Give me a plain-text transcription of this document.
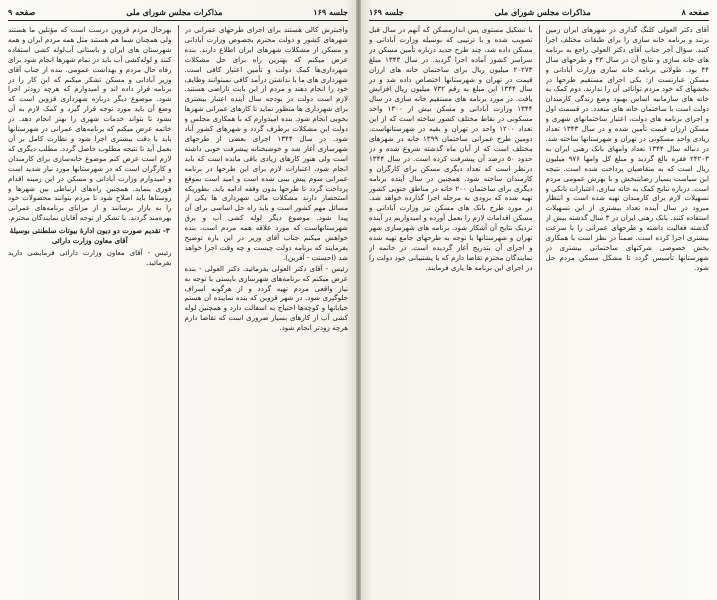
جلسه ۱۶۹
مذاکرات مجلس شورای ملی
صفحه ۹

واجبترش کالی هستند برای اجرای طرحهای عمرانی در شهرهای کشور و دولت محترم بخصوص وزارت آبادانی و مسکن از مشکلات شهرهای ایران اطلاع دارند. بنده عرض میکنم که بهترین راه برای حل مشکلات شهرداری‌ها کمک دولت و تأمین اعتبار کافی است. شهرداری های ما با نداشتن درآمد کافی نمیتوانند وظایف خود را انجام دهند و مردم از این بابت ناراضی هستند. لازم است دولت در بودجه سال آینده اعتبار بیشتری برای شهرداری ها منظور نماید تا کارهای عمرانی شهرها بخوبی انجام شود. بنده امیدوارم که با همکاری مجلس و دولت این مشکلات برطرف گردد و شهرهای کشور آباد شود. در سال ۱۳۴۴ اجرای بعضی از طرحهای شهرسازی آغاز شد و خوشبختانه پیشرفت خوبی داشته است ولی هنوز کارهای زیادی باقی مانده است که باید انجام شود. اعتبارات لازم برای این طرحها در برنامه عمرانی سوم پیش بینی شده است و امید است بموقع پرداخت گردد تا طرحها بدون وقفه ادامه یابد. بطوریکه استحضار دارند مشکلات مالی شهرداری ها یکی از مسائل مهم کشور است و باید راه حل اساسی برای آن پیدا شود. موضوع دیگر لوله کشی آب و برق شهرستانهاست که مورد علاقه همه مردم است. بنده خواهش میکنم جناب آقای وزیر در این باره توضیح بفرمایند که برنامه دولت چیست و چه وقت اجرا خواهد شد (احسنت - آفرین).

رئیس - آقای دکتر العولی بفرمائید. دکتر العولی - بنده عرض میکنم که برنامه‌های شهرسازی بایستی با توجه به نیاز واقعی مردم تهیه گردد و از هرگونه اسراف جلوگیری شود. در شهر قزوین که بنده نماینده آن هستم خیابانها و کوچه‌ها احتیاج به اسفالت دارد و همچنین لوله کشی آب از کارهای بسیار ضروری است که تقاضا دارم هرچه زودتر انجام شود.

بهرحال مردم قزوین درست است که مؤتلین ما هستند ولی همچنان شما هم هستند مثل همه مردم ایران و همه شهرستان های ایران و باستانی آب‌لوله کشی استفاده کنند و لوله‌کشی آب باید در تمام شهرها انجام شود برای رفاه حال مردم و بهداشت عمومی. بنده از جناب آقای وزیر آبادانی و مسکن تشکر میکنم که این کار را در برنامه قرار داده اند و امیدوارم که هرچه زودتر اجرا شود. موضوع دیگر درباره شهرداری قزوین است که وضع آن باید مورد توجه قرار گیرد و کمک لازم به آن بشود تا بتواند خدمات شهری را بهتر انجام دهد. در خاتمه عرض میکنم که برنامه‌های عمرانی در شهرستانها باید با دقت بیشتری اجرا شود و نظارت کامل بر آن بعمل آید تا نتیجه مطلوب حاصل گردد. مطلب دیگری که لازم است عرض کنم موضوع خانه‌سازی برای کارمندان و کارگران است که در شهرستانها مورد نیاز شدید است و امیدوارم وزارت آبادانی و مسکن در این زمینه اقدام فوری بنماید. همچنین راه‌های ارتباطی بین شهرها و روستاها باید اصلاح شود تا مردم بتوانند محصولات خود را به بازار برسانند و از مزایای برنامه‌های عمرانی بهره‌مند گردند. با تشکر از توجه آقایان نمایندگان محترم.

۳- تقدیم صورت دو دیون ادارهٔ بیوتات سلطنتی بوسیلهٔ آقای معاون وزارت دارائی

رئیس - آقای معاون وزارت دارائی فرمایشی دارید بفرمائید.

صفحه ۸
مذاکرات مجلس شورای ملی
جلسه ۱۶۹

آقای دکتر العولی کلنگ گذاری در شهرهای ایران زمین بزنند و برنامه خانه سازی را برای طبقات مختلف اجرا کنند. سؤال آخر جناب آقای دکتر العولی راجع به برنامه های خانه سازی و نتایج آن در سال ۴۳ و طرحهای سال ۴۴ بود. طولانی برنامه خانه سازی وزارت آبادانی و مسکن عبارتست از: یکی اجرای مستقیم طرحها در بخشهای که خود مردم توانائی آن را ندارند. دوم کمک به خانه های سازمانیه اساس بهبود وضع زندگی کارمندان دولت است با ساختمان خانه های متعدد. در قسمت اول و اجرای برنامه های دولت، اعتبار ساختمانهای شهری و مسکن ارزان قیمت تأمین شده و در سال ۱۳۴۳ تعداد زیادی واحد مسکونی در تهران و شهرستانها ساخته شد. در دنباله سال ۱۳۴۴ تعداد وامهای بانک رهنی ایران به ۲۴۲۰۳ فقره بالغ گردید و مبلغ کل وامها ۹۷۶ میلیون ریال است که به متقاضیان پرداخت شده است. نتیجه این سیاست بسیار رضایتبخش و با بهرش عمومی مردم است. درباره نتایج کمک به خانه سازی، اعتبارات بانکی و تسهیلات لازم برای کارمندان تهیه شده است و انتظار میرود در سال آینده تعداد بیشتری از این تسهیلات استفاده کنند. بانک رهنی ایران در ۳ سال گذشته بیش از گذشته فعالیت داشته و طرحهای عمرانی را با سرعت بیشتری اجرا کرده است. ضمناً در نظر است با همکاری بخش خصوصی شرکتهای ساختمانی بیشتری در شهرستانها تأسیس گردد تا مشکل مسکن مردم حل شود.

با تشکیل مستوی پس اندازمسکن که آنهم در سال قبل تصویب شده و با ترتیبی که بوسیله وزارت آبادانی و مسکن داده شد، چند طرح جدید درباره تأمین مسکن در سراسر کشور آماده اجرا گردید. در سال ۱۳۴۳ مبلغ ۲۰۲۷۳ میلیون ریال برای ساختمان خانه های ارزان قیمت در تهران و شهرستانها اختصاص داده شد و در سال ۱۳۴۴ این مبلغ به رقم ۷۳۲ میلیون ریال افزایش یافت. در مورد برنامه های مستقیم خانه سازی در سال ۱۳۴۴ وزارت آبادانی و مسکن بیش از ۱۳۰۰ واحد مسکونی در نقاط مختلف کشور ساخته است که از این تعداد ۱۲۰۰ واحد در تهران و بقیه در شهرستانهاست. دومین طرح عمرانی ساختمان ۱۳۹۹ خانه در شهرهای مختلف است که از آبان ماه گذشته شروع شده و در حدود ۵۰ درصد آن پیشرفت کرده است. در سال ۱۳۴۴ درنظر است که تعداد دیگری مسکن برای کارگران و کارمندان ساخته شود. همچنین در سال آینده برنامه دیگری برای ساختمان ۲۰۰ خانه در مناطق جنوبی کشور تهیه شده که بزودی به مرحله اجرا گذارده خواهد شد. در مورد طرح بانک های مسکن نیز وزارت آبادانی و مسکن اقدامات لازم را بعمل آورده و امیدواریم در آینده نزدیک نتایج آن آشکار شود. برنامه های شهرسازی شهر تهران و شهرستانها با توجه به طرحهای جامع تهیه شده و اجرای آن بتدریج آغاز گردیده است. در خاتمه از نمایندگان محترم تقاضا دارم که با پشتیبانی خود دولت را در اجرای این برنامه ها یاری فرمایند.
